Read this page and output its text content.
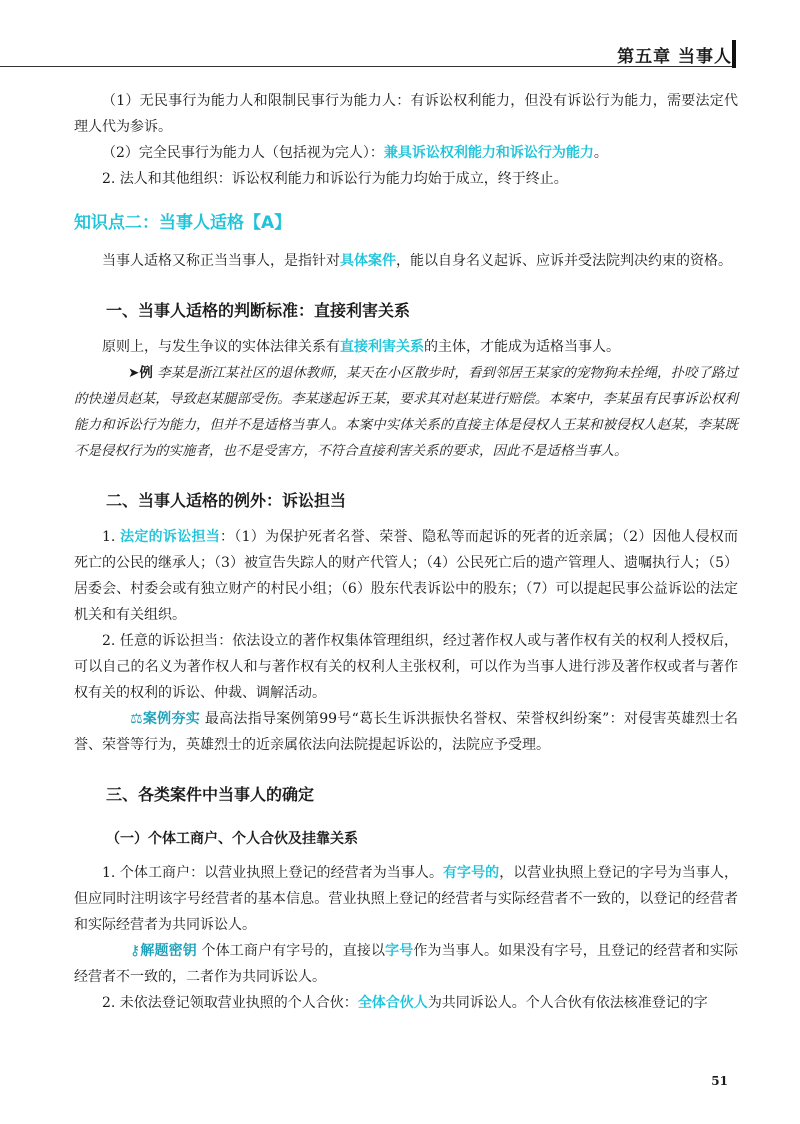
第五章 当事人

（1）无民事行为能力人和限制民事行为能力人：有诉讼权利能力，但没有诉讼行为能力，需要法定代理人代为参诉。

（2）完全民事行为能力人（包括视为完人）：兼具诉讼权利能力和诉讼行为能力。

2. 法人和其他组织：诉讼权利能力和诉讼行为能力均始于成立，终于终止。

知识点二：当事人适格【A】

当事人适格又称正当当事人，是指针对具体案件，能以自身名义起诉、应诉并受法院判决约束的资格。

一、当事人适格的判断标准：直接利害关系

原则上，与发生争议的实体法律关系有直接利害关系的主体，才能成为适格当事人。

➤例 李某是浙江某社区的退休教师，某天在小区散步时，看到邻居王某家的宠物狗未拴绳，扑咬了路过的快递员赵某，导致赵某腿部受伤。李某遂起诉王某，要求其对赵某进行赔偿。本案中，李某虽有民事诉讼权利能力和诉讼行为能力，但并不是适格当事人。本案中实体关系的直接主体是侵权人王某和被侵权人赵某，李某既不是侵权行为的实施者，也不是受害方，不符合直接利害关系的要求，因此不是适格当事人。

二、当事人适格的例外：诉讼担当

1. 法定的诉讼担当：（1）为保护死者名誉、荣誉、隐私等而起诉的死者的近亲属；（2）因他人侵权而死亡的公民的继承人；（3）被宣告失踪人的财产代管人；（4）公民死亡后的遗产管理人、遗嘱执行人；（5）居委会、村委会或有独立财产的村民小组；（6）股东代表诉讼中的股东；（7）可以提起民事公益诉讼的法定机关和有关组织。

2. 任意的诉讼担当：依法设立的著作权集体管理组织，经过著作权人或与著作权有关的权利人授权后，可以自己的名义为著作权人和与著作权有关的权利人主张权利，可以作为当事人进行涉及著作权或者与著作权有关的权利的诉讼、仲裁、调解活动。

⚖案例夯实 最高法指导案例第99号“葛长生诉洪振快名誉权、荣誉权纠纷案”：对侵害英雄烈士名誉、荣誉等行为，英雄烈士的近亲属依法向法院提起诉讼的，法院应予受理。

三、各类案件中当事人的确定
（一）个体工商户、个人合伙及挂靠关系

1. 个体工商户：以营业执照上登记的经营者为当事人。有字号的，以营业执照上登记的字号为当事人，但应同时注明该字号经营者的基本信息。营业执照上登记的经营者与实际经营者不一致的，以登记的经营者和实际经营者为共同诉讼人。

⚷解题密钥 个体工商户有字号的，直接以字号作为当事人。如果没有字号，且登记的经营者和实际经营者不一致的，二者作为共同诉讼人。

2. 未依法登记领取营业执照的个人合伙：全体合伙人为共同诉讼人。个人合伙有依法核准登记的字

51
